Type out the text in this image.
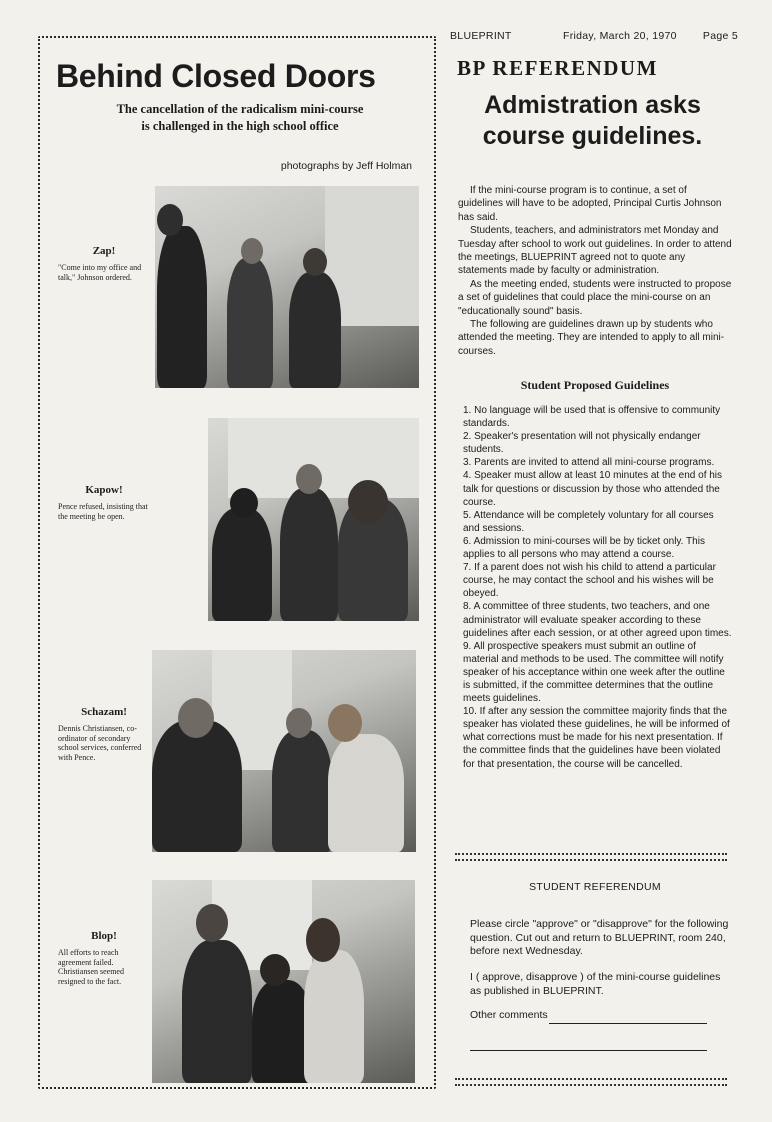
BLUEPRINT	Friday, March 20, 1970 Page 5
Behind Closed Doors
The cancellation of the radicalism mini-course
is challenged in the high school office
photographs by Jeff Holman
Zap!
"Come into my office and talk," Johnson ordered.
Kapow!
Pence refused, insisting that the meeting be open.
Schazam!
Dennis Christiansen, co-ordinator of secondary school services, conferred with Pence.
Blop!
All efforts to reach agreement failed. Christiansen seemed resigned to the fact.
BP REFERENDUM
Admistration asks
course guidelines.

If the mini-course program is to continue, a set of guidelines will have to be adopted, Principal Curtis Johnson has said.

Students, teachers, and administrators met Monday and Tuesday after school to work out guidelines. In order to attend the meetings, BLUEPRINT agreed not to quote any statements made by faculty or administration.

As the meeting ended, students were instructed to propose a set of guidelines that could place the mini-course on an "educationally sound" basis.

The following are guidelines drawn up by students who attended the meeting. They are intended to apply to all mini-courses.

Student Proposed Guidelines
1. No language will be used that is offensive to community standards.
2. Speaker's presentation will not physically endanger students.
3. Parents are invited to attend all mini-course programs.
4. Speaker must allow at least 10 minutes at the end of his talk for questions or discussion by those who attended the course.
5. Attendance will be completely voluntary for all courses and sessions.
6. Admission to mini-courses will be by ticket only. This applies to all persons who may attend a course.
7. If a parent does not wish his child to attend a particular course, he may contact the school and his wishes will be obeyed.
8. A committee of three students, two teachers, and one administrator will evaluate speaker according to these guidelines after each session, or at other agreed upon times.
9. All prospective speakers must submit an outline of material and methods to be used. The committee will notify speaker of his acceptance within one week after the outline is submitted, if the committee determines that the outline meets guidelines.
10. If after any session the committee majority finds that the speaker has violated these guidelines, he will be informed of what corrections must be made for his next presentation. If the committee finds that the guidelines have been violated for that presentation, the course will be cancelled.
STUDENT REFERENDUM
Please circle "approve" or "disapprove" for the following question. Cut out and return to BLUEPRINT, room 240, before next Wednesday.
I ( approve, disapprove ) of the mini-course guidelines as published in BLUEPRINT.
Other comments
